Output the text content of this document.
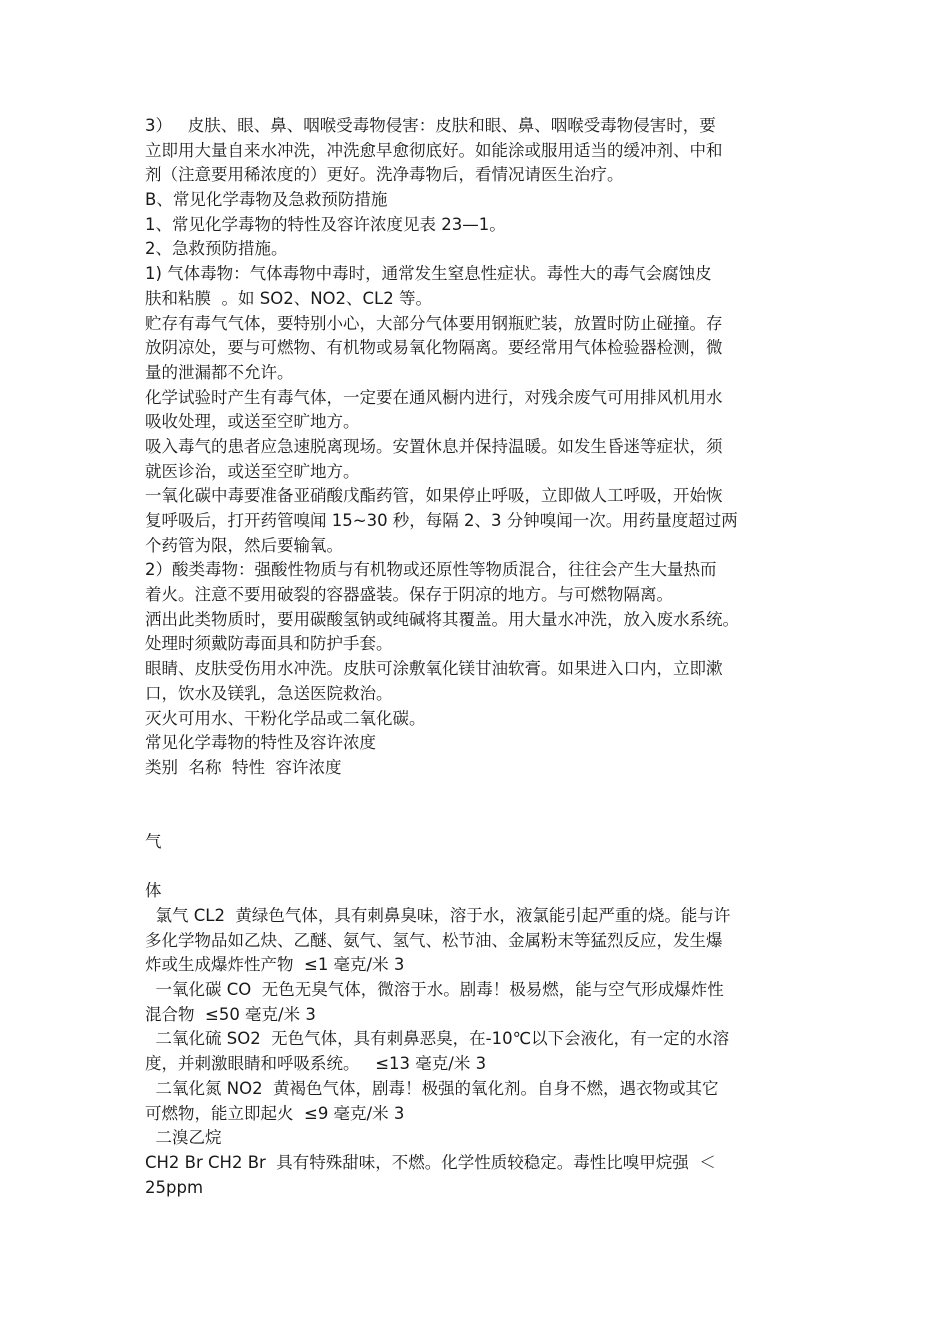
3）   皮肤、眼、鼻、咽喉受毒物侵害：皮肤和眼、鼻、咽喉受毒物侵害时，要
立即用大量自来水冲洗，冲洗愈早愈彻底好。如能涂或服用适当的缓冲剂、中和
剂（注意要用稀浓度的）更好。洗净毒物后，看情况请医生治疗。
B、常见化学毒物及急救预防措施
1、常见化学毒物的特性及容许浓度见表 23—1。
2、急救预防措施。
1) 气体毒物：气体毒物中毒时，通常发生窒息性症状。毒性大的毒气会腐蚀皮
肤和粘膜  。如 SO2、NO2、CL2 等。
贮存有毒气气体，要特别小心，大部分气体要用钢瓶贮装，放置时防止碰撞。存
放阴凉处，要与可燃物、有机物或易氧化物隔离。要经常用气体检验器检测，微
量的泄漏都不允许。
化学试验时产生有毒气体，一定要在通风橱内进行，对残余废气可用排风机用水
吸收处理，或送至空旷地方。
吸入毒气的患者应急速脱离现场。安置休息并保持温暖。如发生昏迷等症状，须
就医诊治，或送至空旷地方。
一氧化碳中毒要准备亚硝酸戊酯药管，如果停止呼吸，立即做人工呼吸，开始恢
复呼吸后，打开药管嗅闻 15~30 秒，每隔 2、3 分钟嗅闻一次。用药量度超过两
个药管为限，然后要输氧。
2）酸类毒物：强酸性物质与有机物或还原性等物质混合，往往会产生大量热而
着火。注意不要用破裂的容器盛装。保存于阴凉的地方。与可燃物隔离。
洒出此类物质时，要用碳酸氢钠或纯碱将其覆盖。用大量水冲洗，放入废水系统。
处理时须戴防毒面具和防护手套。
眼睛、皮肤受伤用水冲洗。皮肤可涂敷氧化镁甘油软膏。如果进入口内，立即漱
口，饮水及镁乳，急送医院救治。
灭火可用水、干粉化学品或二氧化碳。
常见化学毒物的特性及容许浓度
类别  名称  特性  容许浓度
气
体
氯气 CL2  黄绿色气体，具有刺鼻臭味，溶于水，液氯能引起严重的烧。能与许
多化学物品如乙炔、乙醚、氨气、氢气、松节油、金属粉末等猛烈反应，发生爆
炸或生成爆炸性产物  ≤1 毫克/米 3
一氧化碳 CO  无色无臭气体，微溶于水。剧毒！极易燃，能与空气形成爆炸性
混合物  ≤50 毫克/米 3
二氧化硫 SO2  无色气体，具有刺鼻恶臭，在-10℃以下会液化，有一定的水溶
度，并刺激眼睛和呼吸系统。   ≤13 毫克/米 3
二氧化氮 NO2  黄褐色气体，剧毒！极强的氧化剂。自身不燃，遇衣物或其它
可燃物，能立即起火  ≤9 毫克/米 3
二溴乙烷
CH2 Br CH2 Br  具有特殊甜味，不燃。化学性质较稳定。毒性比嗅甲烷强  ＜
25ppm
